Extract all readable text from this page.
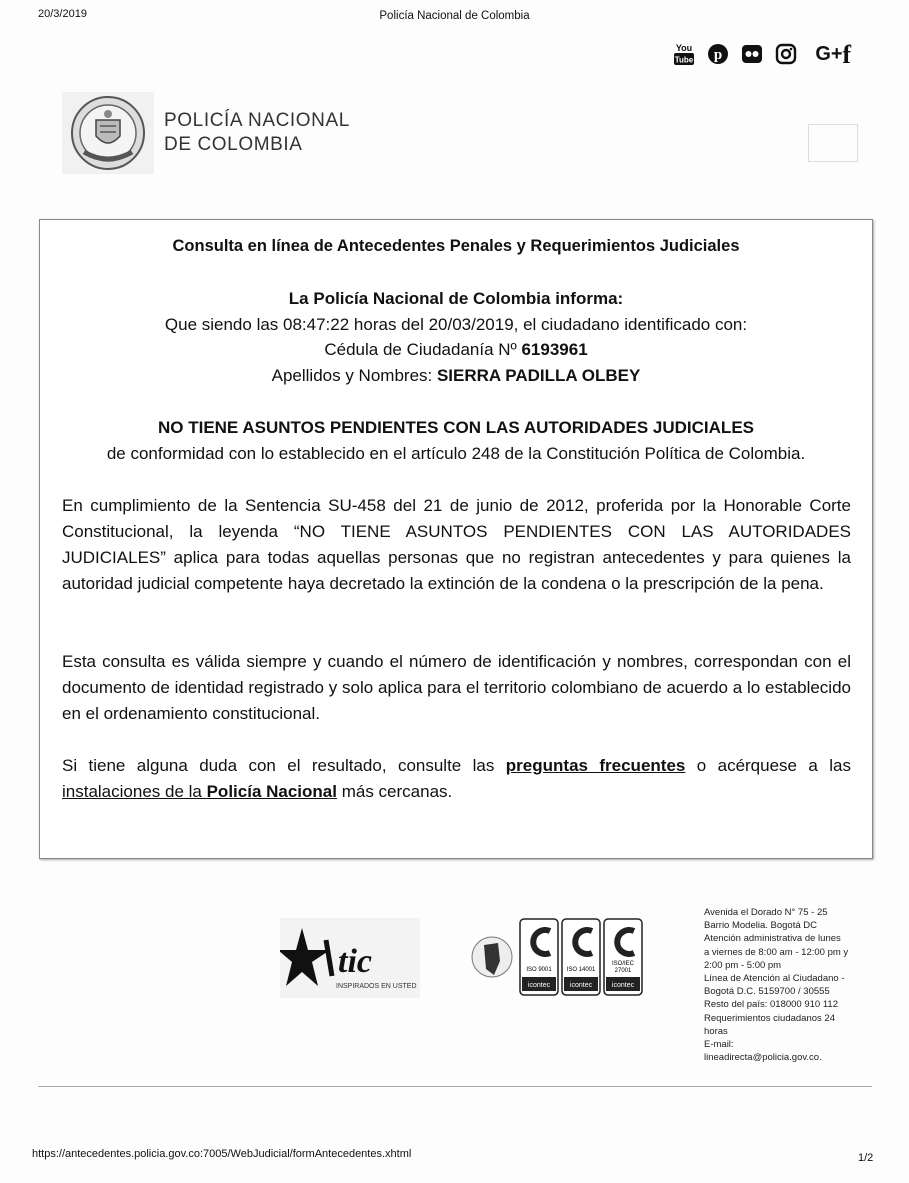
20/3/2019	Policía Nacional de Colombia
You
Tube p	G+ f
POLICÍA NACIONAL
DE COLOMBIA
Consulta en línea de Antecedentes Penales y Requerimientos Judiciales
La Policía Nacional de Colombia informa:
Que siendo las 08:47:22 horas del 20/03/2019, el ciudadano identificado con:
Cédula de Ciudadanía Nº 6193961
Apellidos y Nombres: SIERRA PADILLA OLBEY
NO TIENE ASUNTOS PENDIENTES CON LAS AUTORIDADES JUDICIALES
de conformidad con lo establecido en el artículo 248 de la Constitución Política de Colombia.
En cumplimiento de la Sentencia SU-458 del 21 de junio de 2012, proferida por la Honorable Corte Constitucional, la leyenda “NO TIENE ASUNTOS PENDIENTES CON LAS AUTORIDADES JUDICIALES” aplica para todas aquellas personas que no registran antecedentes y para quienes la autoridad judicial competente haya decretado la extinción de la condena o la prescripción de la pena.
Esta consulta es válida siempre y cuando el número de identificación y nombres, correspondan con el documento de identidad registrado y solo aplica para el territorio colombiano de acuerdo a lo establecido en el ordenamiento constitucional.
Si tiene alguna duda con el resultado, consulte las preguntas frecuentes o acérquese a las instalaciones de la Policía Nacional más cercanas.
tic
INSPIRADOS EN USTED
ISO 9001
icontec
ISO 14001
icontec
ISO/IEC
27001
icontec
Avenida el Dorado N° 75 - 25
Barrio Modelia. Bogotá DC
Atención administrativa de lunes
a viernes de 8:00 am - 12:00 pm y
2:00 pm - 5:00 pm
Línea de Atención al Ciudadano -
Bogotá D.C. 5159700 / 30555
Resto del país: 018000 910 112
Requerimientos ciudadanos 24
horas
E-mail:
lineadirecta@policia.gov.co.
https://antecedentes.policia.gov.co:7005/WebJudicial/formAntecedentes.xhtml	1/2
